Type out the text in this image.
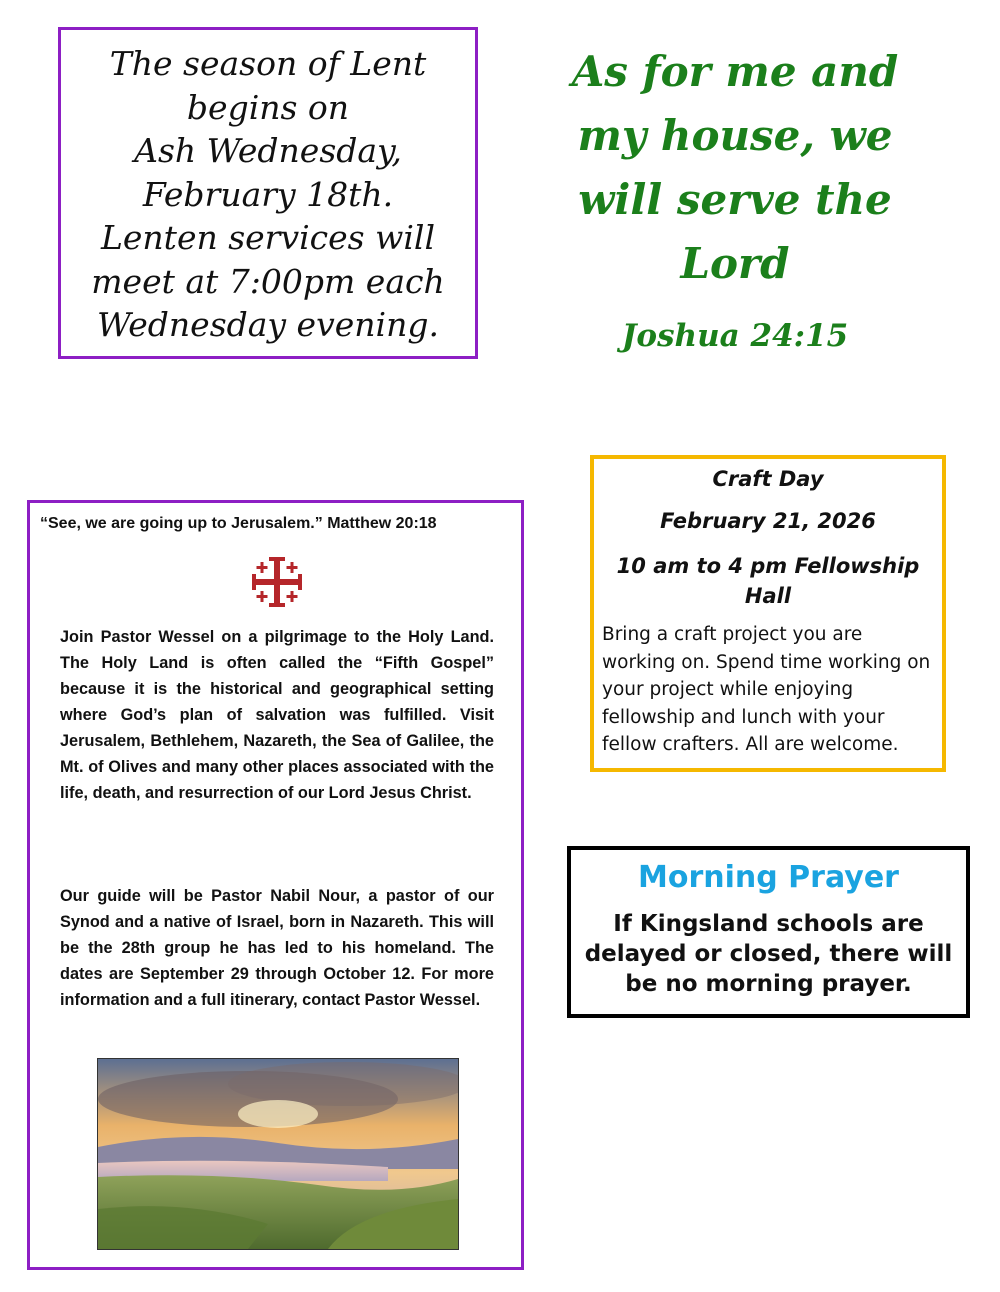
The season of Lent
begins on
Ash Wednesday,
February 18th.
Lenten services will
meet at 7:00pm each
Wednesday evening.
As for me and
my house, we
will serve the
Lord
Joshua 24:15
“See, we are going up to Jerusalem.” Matthew 20:18
Join Pastor Wessel on a pilgrimage to the Holy Land. The Holy Land is often called the “Fifth Gospel” because it is the historical and geographical setting where God’s plan of salvation was fulfilled. Visit Jerusalem, Bethlehem, Nazareth, the Sea of Galilee, the Mt. of Olives and many other places associated with the life, death, and resurrection of our Lord Jesus Christ.
Our guide will be Pastor Nabil Nour, a pastor of our Synod and a native of Israel, born in Nazareth. This will be the 28th group he has led to his homeland. The dates are September 29 through October 12. For more information and a full itinerary, contact Pastor Wessel.
Craft Day
February 21, 2026
10 am to 4 pm Fellowship Hall
Bring a craft project you are working on. Spend time working on your project while enjoying fellowship and lunch with your fellow crafters. All are welcome.
Morning Prayer
If Kingsland schools are delayed or closed, there will be no morning prayer.
